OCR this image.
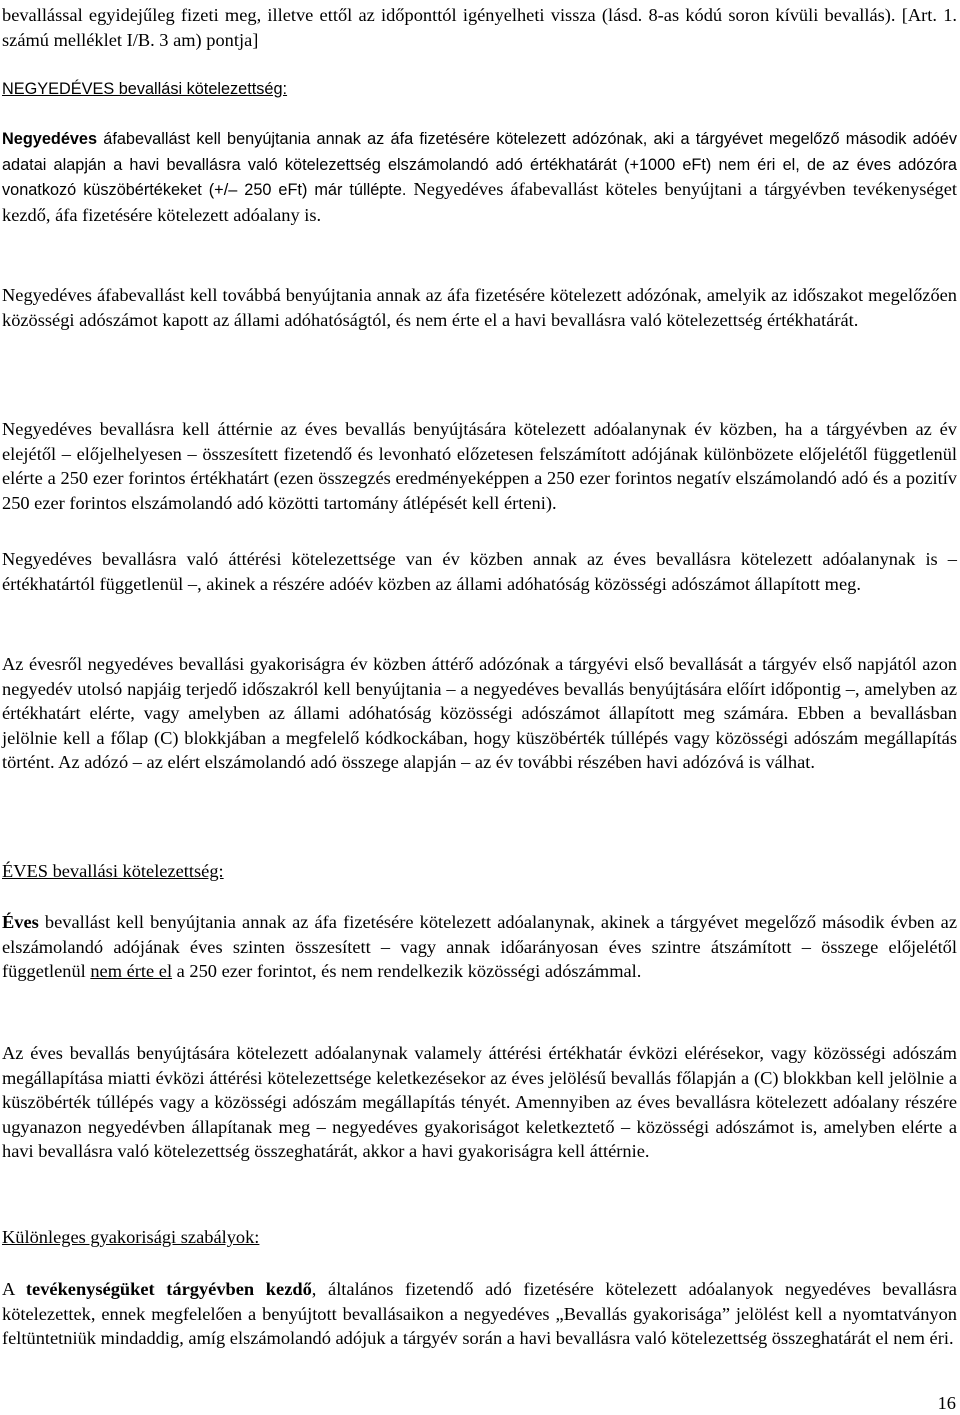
bevallással egyidejűleg fizeti meg, illetve ettől az időponttól igényelheti vissza (lásd. 8-as kódú soron kívüli bevallás). [Art. 1. számú melléklet I/B. 3 am) pontja]

NEGYEDÉVES bevallási kötelezettség:

Negyedéves áfabevallást kell benyújtania annak az áfa fizetésére kötelezett adózónak, aki a tárgyévet megelőző második adóév adatai alapján a havi bevallásra való kötelezettség elszámolandó adó értékhatárát (+1000 eFt) nem éri el, de az éves adózóra vonatkozó küszöbértékeket (+/– 250 eFt) már túllépte. Negyedéves áfabevallást köteles benyújtani a tárgyévben tevékenységet kezdő, áfa fizetésére kötelezett adóalany is.

Negyedéves áfabevallást kell továbbá benyújtania annak az áfa fizetésére kötelezett adózónak, amelyik az időszakot megelőzően közösségi adószámot kapott az állami adóhatóságtól, és nem érte el a havi bevallásra való kötelezettség értékhatárát.

Negyedéves bevallásra kell áttérnie az éves bevallás benyújtására kötelezett adóalanynak év közben, ha a tárgyévben az év elejétől – előjelhelyesen – összesített fizetendő és levonható előzetesen felszámított adójának különbözete előjelétől függetlenül elérte a 250 ezer forintos értékhatárt (ezen összegzés eredményeképpen a 250 ezer forintos negatív elszámolandó adó és a pozitív 250 ezer forintos elszámolandó adó közötti tartomány átlépését kell érteni).

Negyedéves bevallásra való áttérési kötelezettsége van év közben annak az éves bevallásra kötelezett adóalanynak is – értékhatártól függetlenül –, akinek a részére adóév közben az állami adóhatóság közösségi adószámot állapított meg.

Az évesről negyedéves bevallási gyakoriságra év közben áttérő adózónak a tárgyévi első bevallását a tárgyév első napjától azon negyedév utolsó napjáig terjedő időszakról kell benyújtania – a negyedéves bevallás benyújtására előírt időpontig –, amelyben az értékhatárt elérte, vagy amelyben az állami adóhatóság közösségi adószámot állapított meg számára. Ebben a bevallásban jelölnie kell a főlap (C) blokkjában a megfelelő kódkockában, hogy küszöbérték túllépés vagy közösségi adószám megállapítás történt. Az adózó – az elért elszámolandó adó összege alapján – az év további részében havi adózóvá is válhat.

ÉVES bevallási kötelezettség:

Éves bevallást kell benyújtania annak az áfa fizetésére kötelezett adóalanynak, akinek a tárgyévet megelőző második évben az elszámolandó adójának éves szinten összesített – vagy annak időarányosan éves szintre átszámított – összege előjelétől függetlenül nem érte el a 250 ezer forintot, és nem rendelkezik közösségi adószámmal.

Az éves bevallás benyújtására kötelezett adóalanynak valamely áttérési értékhatár évközi elérésekor, vagy közösségi adószám megállapítása miatti évközi áttérési kötelezettsége keletkezésekor az éves jelölésű bevallás főlapján a (C) blokkban kell jelölnie a küszöbérték túllépés vagy a közösségi adószám megállapítás tényét. Amennyiben az éves bevallásra kötelezett adóalany részére ugyanazon negyedévben állapítanak meg – negyedéves gyakoriságot keletkeztető – közösségi adószámot is, amelyben elérte a havi bevallásra való kötelezettség összeghatárát, akkor a havi gyakoriságra kell áttérnie.

Különleges gyakorisági szabályok:

A tevékenységüket tárgyévben kezdő, általános fizetendő adó fizetésére kötelezett adóalanyok negyedéves bevallásra kötelezettek, ennek megfelelően a benyújtott bevallásaikon a negyedéves „Bevallás gyakorisága” jelölést kell a nyomtatványon feltüntetniük mindaddig, amíg elszámolandó adójuk a tárgyév során a havi bevallásra való kötelezettség összeghatárát el nem éri.

16
